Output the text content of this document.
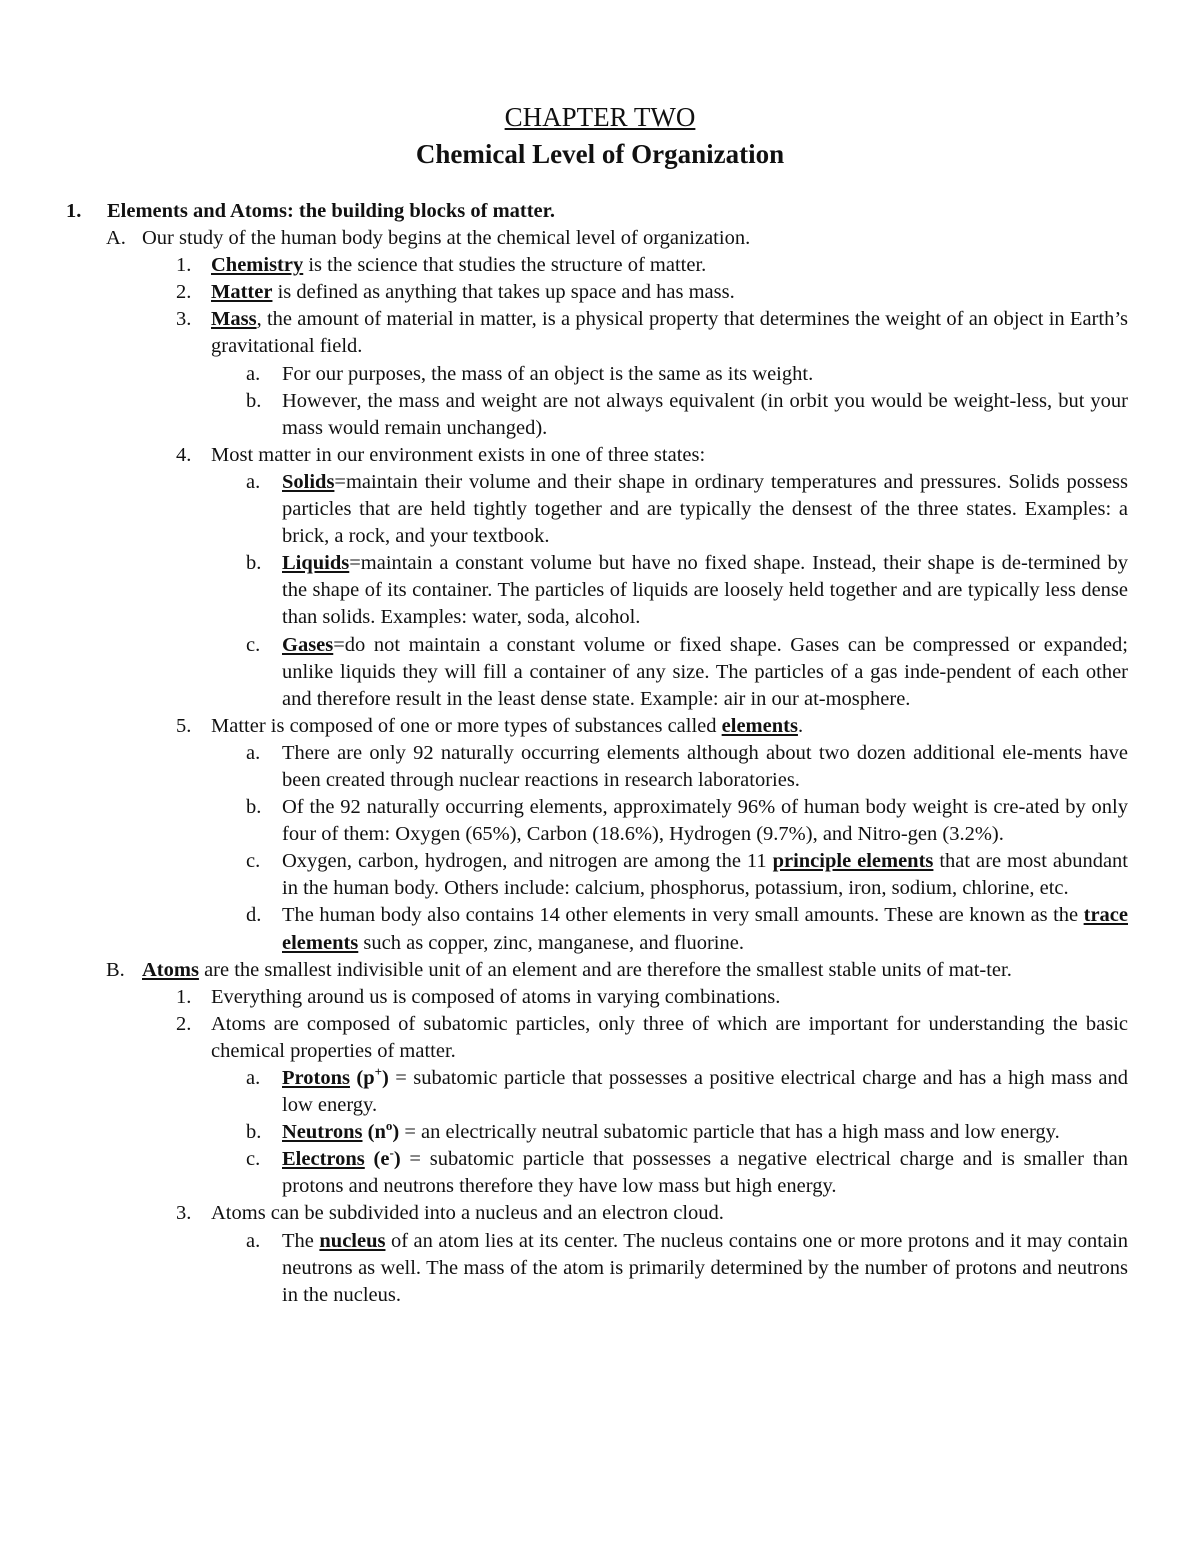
CHAPTER TWO
Chemical Level of Organization
1. Elements and Atoms: the building blocks of matter.
A. Our study of the human body begins at the chemical level of organization.
1. Chemistry is the science that studies the structure of matter.
2. Matter is defined as anything that takes up space and has mass.
3. Mass, the amount of material in matter, is a physical property that determines the weight of an object in Earth’s gravitational field.
a. For our purposes, the mass of an object is the same as its weight.
b. However, the mass and weight are not always equivalent (in orbit you would be weight-less, but your mass would remain unchanged).
4. Most matter in our environment exists in one of three states:
a. Solids=maintain their volume and their shape in ordinary temperatures and pressures. Solids possess particles that are held tightly together and are typically the densest of the three states. Examples: a brick, a rock, and your textbook.
b. Liquids=maintain a constant volume but have no fixed shape. Instead, their shape is de-termined by the shape of its container. The particles of liquids are loosely held together and are typically less dense than solids. Examples: water, soda, alcohol.
c. Gases=do not maintain a constant volume or fixed shape. Gases can be compressed or expanded; unlike liquids they will fill a container of any size. The particles of a gas inde-pendent of each other and therefore result in the least dense state. Example: air in our at-mosphere.
5. Matter is composed of one or more types of substances called elements.
a. There are only 92 naturally occurring elements although about two dozen additional ele-ments have been created through nuclear reactions in research laboratories.
b. Of the 92 naturally occurring elements, approximately 96% of human body weight is cre-ated by only four of them: Oxygen (65%), Carbon (18.6%), Hydrogen (9.7%), and Nitro-gen (3.2%).
c. Oxygen, carbon, hydrogen, and nitrogen are among the 11 principle elements that are most abundant in the human body. Others include: calcium, phosphorus, potassium, iron, sodium, chlorine, etc.
d. The human body also contains 14 other elements in very small amounts. These are known as the trace elements such as copper, zinc, manganese, and fluorine.
B. Atoms are the smallest indivisible unit of an element and are therefore the smallest stable units of mat-ter.
1. Everything around us is composed of atoms in varying combinations.
2. Atoms are composed of subatomic particles, only three of which are important for understanding the basic chemical properties of matter.
a. Protons (p+) = subatomic particle that possesses a positive electrical charge and has a high mass and low energy.
b. Neutrons $(n^o)$ = an electrically neutral subatomic particle that has a high mass and low energy.
c. Electrons (e-) = subatomic particle that possesses a negative electrical charge and is smaller than protons and neutrons therefore they have low mass but high energy.
3. Atoms can be subdivided into a nucleus and an electron cloud.
a. The nucleus of an atom lies at its center. The nucleus contains one or more protons and it may contain neutrons as well. The mass of the atom is primarily determined by the number of protons and neutrons in the nucleus.
